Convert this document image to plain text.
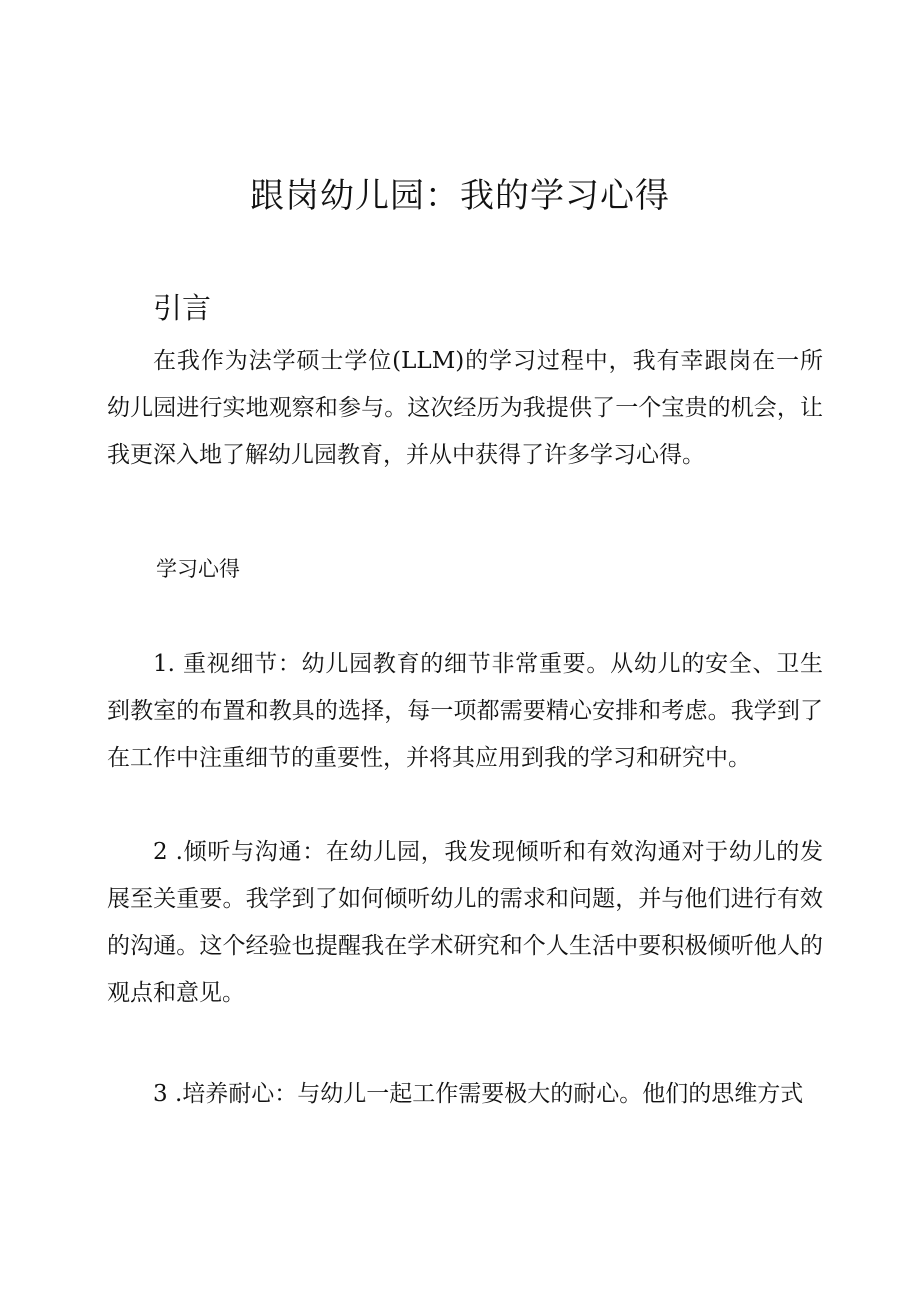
跟岗幼儿园：我的学习心得
引言

在我作为法学硕士学位(LLM)的学习过程中，我有幸跟岗在一所幼儿园进行实地观察和参与。这次经历为我提供了一个宝贵的机会，让我更深入地了解幼儿园教育，并从中获得了许多学习心得。

学习心得

1. 重视细节：幼儿园教育的细节非常重要。从幼儿的安全、卫生到教室的布置和教具的选择，每一项都需要精心安排和考虑。我学到了在工作中注重细节的重要性，并将其应用到我的学习和研究中。

2 .倾听与沟通：在幼儿园，我发现倾听和有效沟通对于幼儿的发展至关重要。我学到了如何倾听幼儿的需求和问题，并与他们进行有效的沟通。这个经验也提醒我在学术研究和个人生活中要积极倾听他人的观点和意见。

3 .培养耐心：与幼儿一起工作需要极大的耐心。他们的思维方式
